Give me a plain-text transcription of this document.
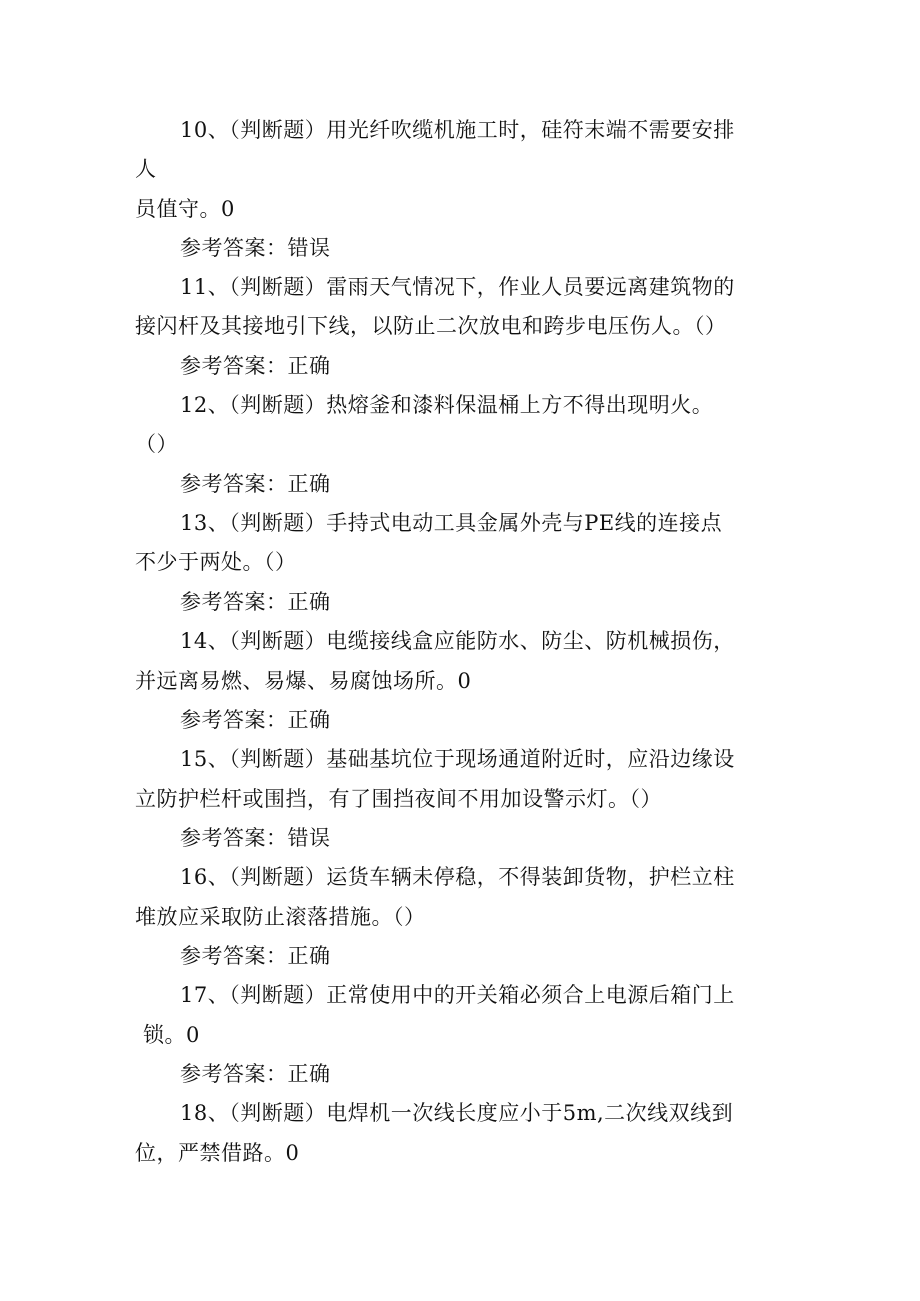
10、（判断题）用光纤吹缆机施工时，硅符末端不需要安排
人
员值守。0
参考答案：错误
11、（判断题）雷雨天气情况下，作业人员要远离建筑物的
接闪杆及其接地引下线，以防止二次放电和跨步电压伤人。（）
参考答案：正确
12、（判断题）热熔釜和漆料保温桶上方不得出现明火。
（）
参考答案：正确
13、（判断题）手持式电动工具金属外壳与PE线的连接点
不少于两处。（）
参考答案：正确
14、（判断题）电缆接线盒应能防水、防尘、防机械损伤，
并远离易燃、易爆、易腐蚀场所。0
参考答案：正确
15、（判断题）基础基坑位于现场通道附近时，应沿边缘设
立防护栏杆或围挡，有了围挡夜间不用加设警示灯。（）
参考答案：错误
16、（判断题）运货车辆未停稳，不得装卸货物，护栏立柱
堆放应采取防止滚落措施。（）
参考答案：正确
17、（判断题）正常使用中的开关箱必须合上电源后箱门上
锁。0
参考答案：正确
18、（判断题）电焊机一次线长度应小于5m,二次线双线到
位，严禁借路。0
